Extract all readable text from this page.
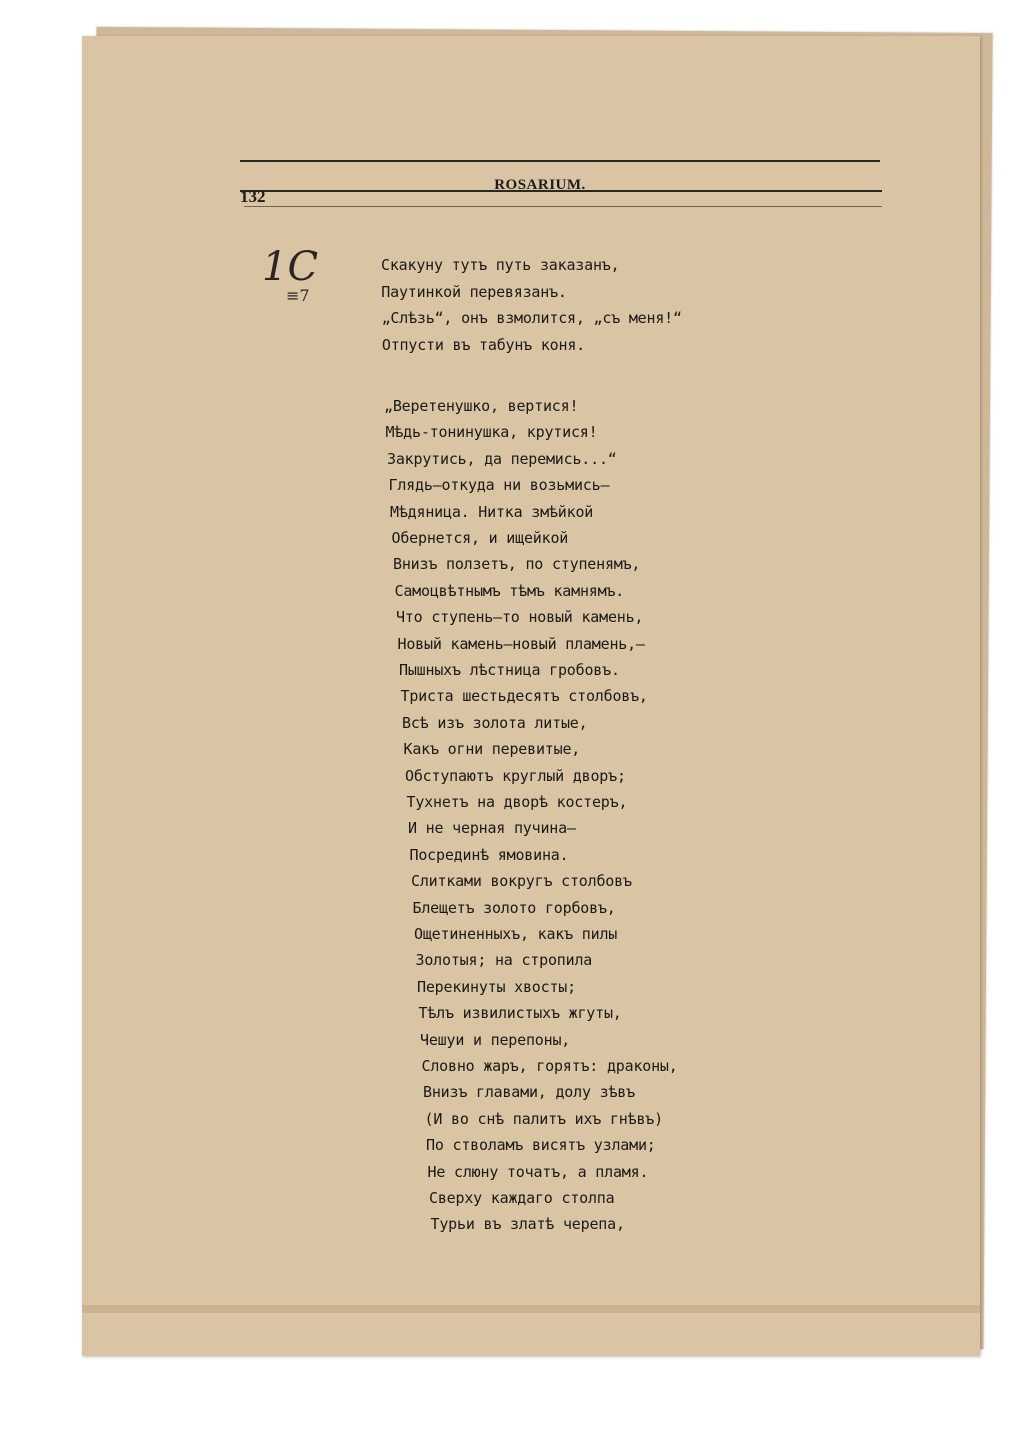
132
ROSARIUM.
1C
≡7
Скакуну тутъ путь заказанъ,
Паутинкой перевязанъ.
„Слѣзь“, онъ взмолится, „съ меня!“
Отпусти въ табунъ коня.
„Веретенушко, вертися!
Мѣдь-тонинушка, крутися!
Закрутись, да перемись...“
Глядь—откуда ни возьмись—
Мѣдяница. Нитка змѣйкой
Обернется, и ищейкой
Внизъ ползетъ, по ступенямъ,
Самоцвѣтнымъ тѣмъ камнямъ.
Что ступень—то новый камень,
Новый камень—новый пламень,—
Пышныхъ лѣстница гробовъ.
Триста шестьдесятъ столбовъ,
Всѣ изъ золота литые,
Какъ огни перевитые,
Обступаютъ круглый дворъ;
Тухнетъ на дворѣ костеръ,
И не черная пучина—
Посрединѣ ямовина.
Слитками вокругъ столбовъ
Блещетъ золото горбовъ,
Ощетиненныхъ, какъ пилы
Золотыя; на стропила
Перекинуты хвосты;
Тѣлъ извилистыхъ жгуты,
Чешуи и перепоны,
Словно жаръ, горятъ: драконы,
Внизъ главами, долу зѣвъ
(И во снѣ палитъ ихъ гнѣвъ)
По стволамъ висятъ узлами;
Не слюну точатъ, а пламя.
Сверху каждаго столпа
Турьи въ златѣ черепа,
